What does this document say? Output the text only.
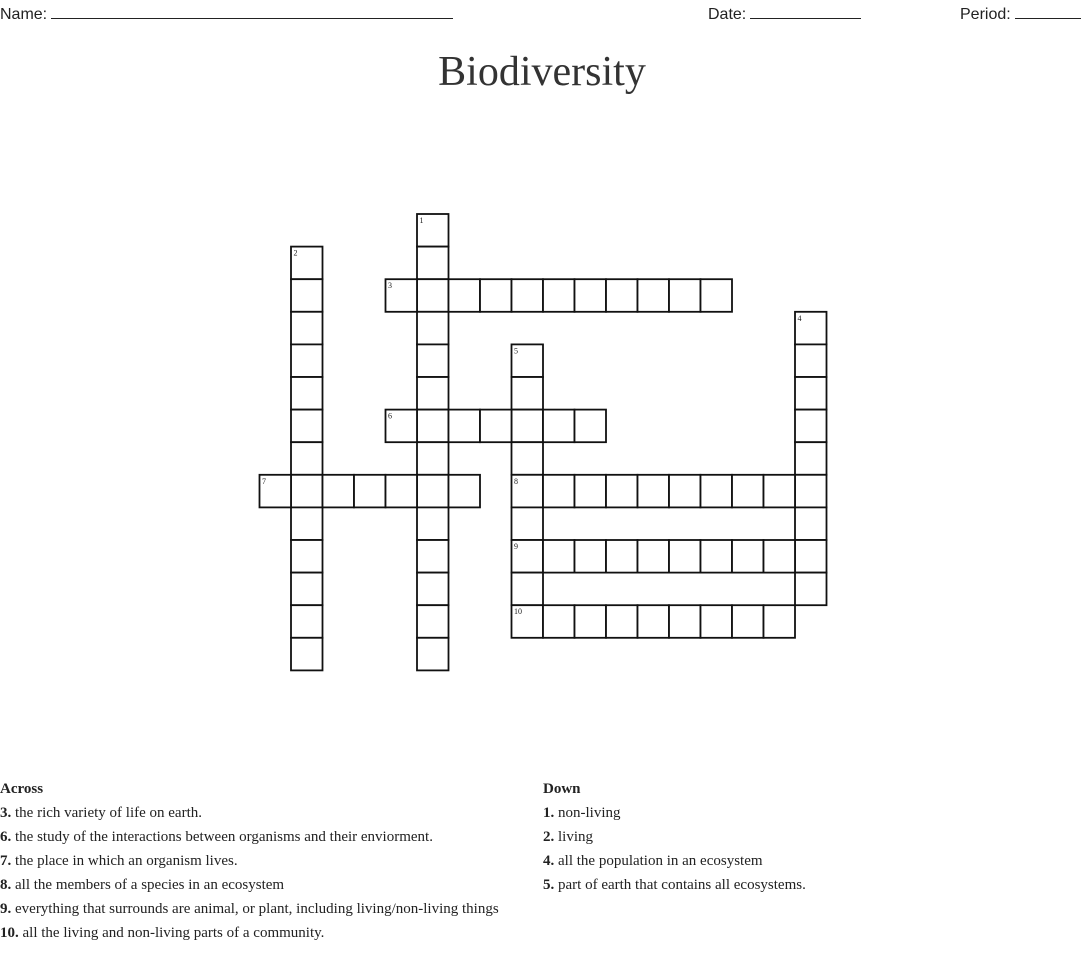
Name:	Date:	Period:
Biodiversity
1
2
3
4
5
8
9
10
6
7
Across
3. the rich variety of life on earth.
6. the study of the interactions between organisms and their enviorment.
7. the place in which an organism lives.
8. all the members of a species in an ecosystem
9. everything that surrounds are animal, or plant, including living/non-living things
10. all the living and non-living parts of a community.
Down
1. non-living
2. living
4. all the population in an ecosystem
5. part of earth that contains all ecosystems.
